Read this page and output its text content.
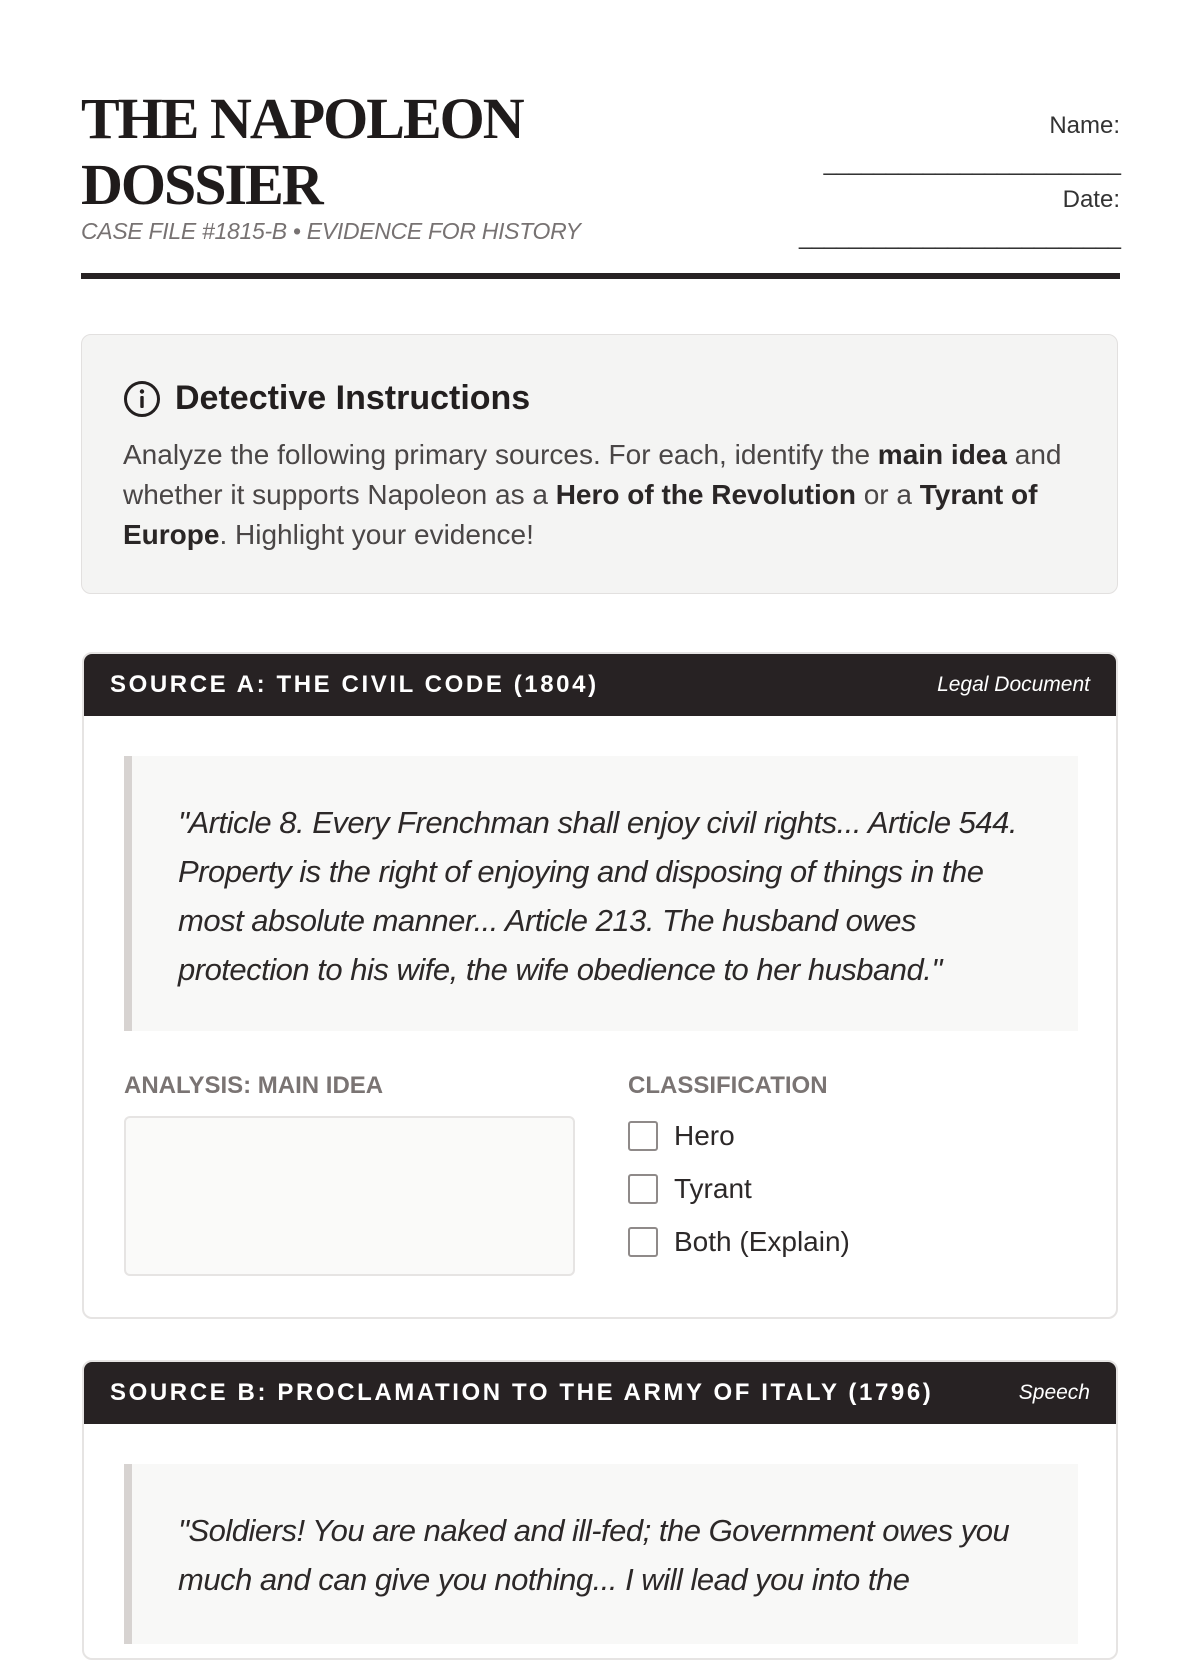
THE NAPOLEON
DOSSIER
CASE FILE #1815-B • EVIDENCE FOR HISTORY
Name:
________________________
Date:
__________________________
Detective Instructions

Analyze the following primary sources. For each, identify the main idea and whether it supports Napoleon as a Hero of the Revolution or a Tyrant of Europe. Highlight your evidence!

SOURCE A: THE CIVIL CODE (1804)	Legal Document
"Article 8. Every Frenchman shall enjoy civil rights... Article 544. Property is the right of enjoying and disposing of things in the most absolute manner... Article 213. The husband owes protection to his wife, the wife obedience to her husband."
ANALYSIS: MAIN IDEA	CLASSIFICATION
Hero
Tyrant
Both (Explain)
SOURCE B: PROCLAMATION TO THE ARMY OF ITALY (1796)	Speech
"Soldiers! You are naked and ill-fed; the Government owes you much and can give you nothing... I will lead you into the
